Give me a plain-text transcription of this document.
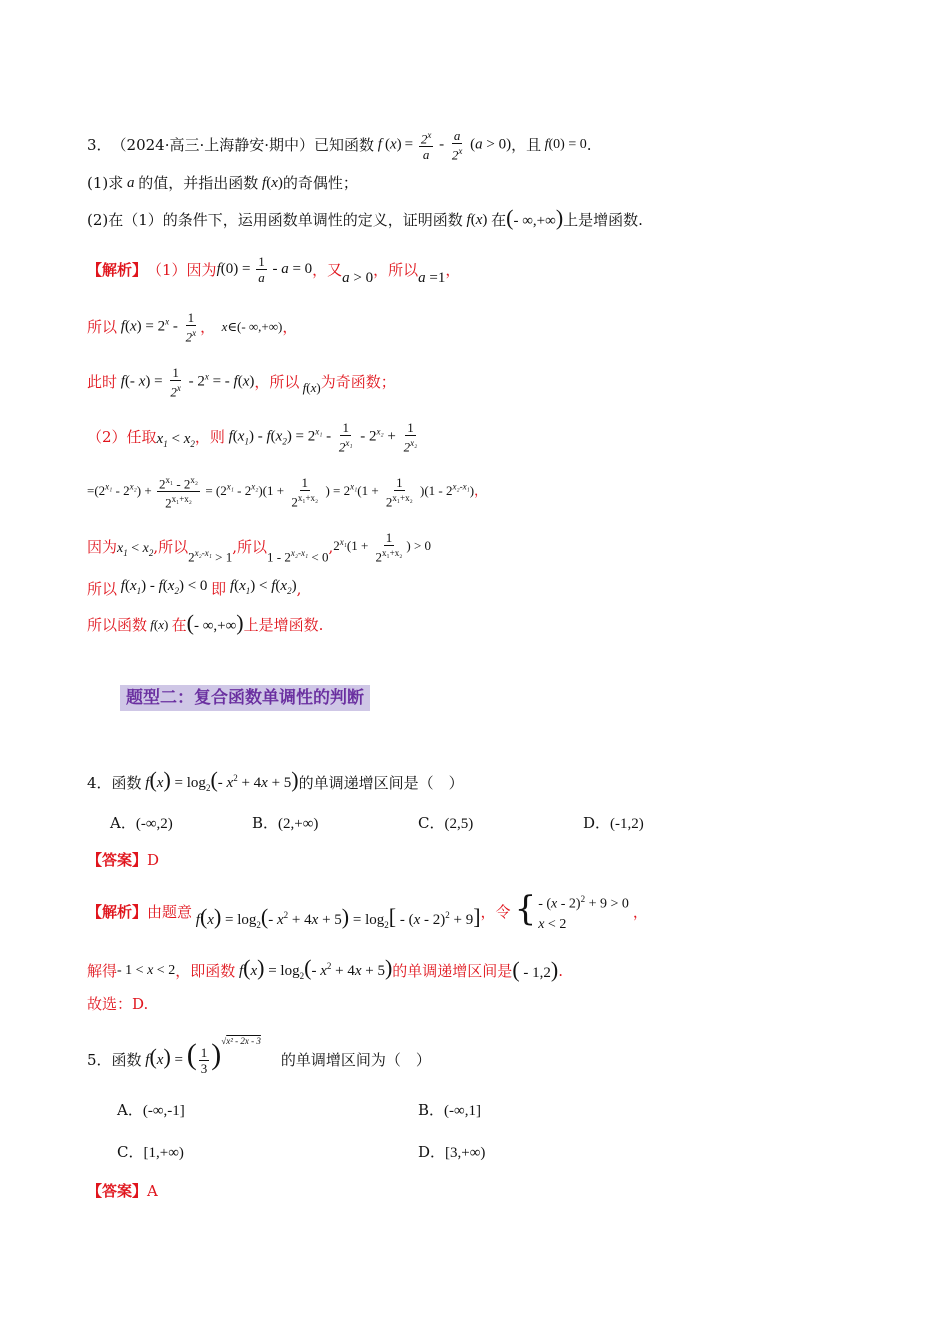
3． （2024·高三·上海静安·期中） 已知函数 f $(x) = \frac{2^x}{a} - \frac{a}{2^x} (a > 0)$ ，且 f(0) = 0 .
(1)求 a 的值，并指出函数 f(x) 的奇偶性；
(2)在（1）的条件下，运用函数单调性的定义，证明函数 f(x) 在 (- ∞,+∞) 上是增函数.
【解析】 （1）因为 $f(0) = \frac{1}{a} - a = 0$ ，又 a > 0 ，所以 a =1 ，
所以 $f(x) = 2^x - \frac{1}{2^x}$ ， x∈(- ∞,+∞) ，
此时 f(- $x) = \frac{1}{2^x} - 2^x$ = - f(x) ，所以 f(x) 为奇函数；
（2）任取 $x_1 < x_2$ ，则 $f(x_1) - f(x_2) = 2^{x_1} - \frac{1}{2^{x_1}} - 2^{x_2} + \frac{1}{2^{x_2}}$
$=(2^{x_1} - 2^{x_2}) + \frac{2^{x_1} - 2^{x_2}}{2^{x_1+x_2}} = (2^{x_1} - 2^{x_2})(1 + \frac{1}{2^{x_1+x_2}}$ ) = $2^{x_1}(1 + \frac{1}{2^{x_1+x_2}} )(1 - 2^{x_2-x_1})$ ，
因为 $x_1 < x_2$ ,所以
$2^{x_2-x_1} > 1$
,所以
$1 - 2^{x_2-x_1} < 0$
, $2^{x_1}(1 + \frac{1}{2^{x_1+x_2}}$ ) > 0
所以 $f(x_1) - f(x_2) < 0$ 即 $f(x_1) < f(x_2)$ ,
所以函数 f(x) 在 (- ∞,+∞) 上是增函数.
题型二：复合函数单调性的判断
4．函数 $f(x) = \log_2(-$ $x^2 + 4x + 5$) 的单调递增区间是（　）
A．(-∞,2)	B．(2,+∞)	C．(2,5)	D．(-1,2)
【答案】D
【解析】 由题意 $f(x) = \log_2(-$ $x^2 + 4x + 5) = \log_2[ - (x - 2)^2 + 9]$ ，令 { - (x - 2)$^2$ + 9 > 0
x < 2
，
解得 - 1 < x < 2 ，即函数 $f(x) = \log_2(-$ $x^2 + 4x + 5$) 的单调递增区间是 ( - 1,2) .
故选：D.
5．函数 f(x) = ( $\frac{1}{3} )^{√x^2 - 2x - 3}$
的单调增区间为（　）
A．(-∞,-1]	B．(-∞,1]
C．[1,+∞)	D．[3,+∞)
【答案】A
